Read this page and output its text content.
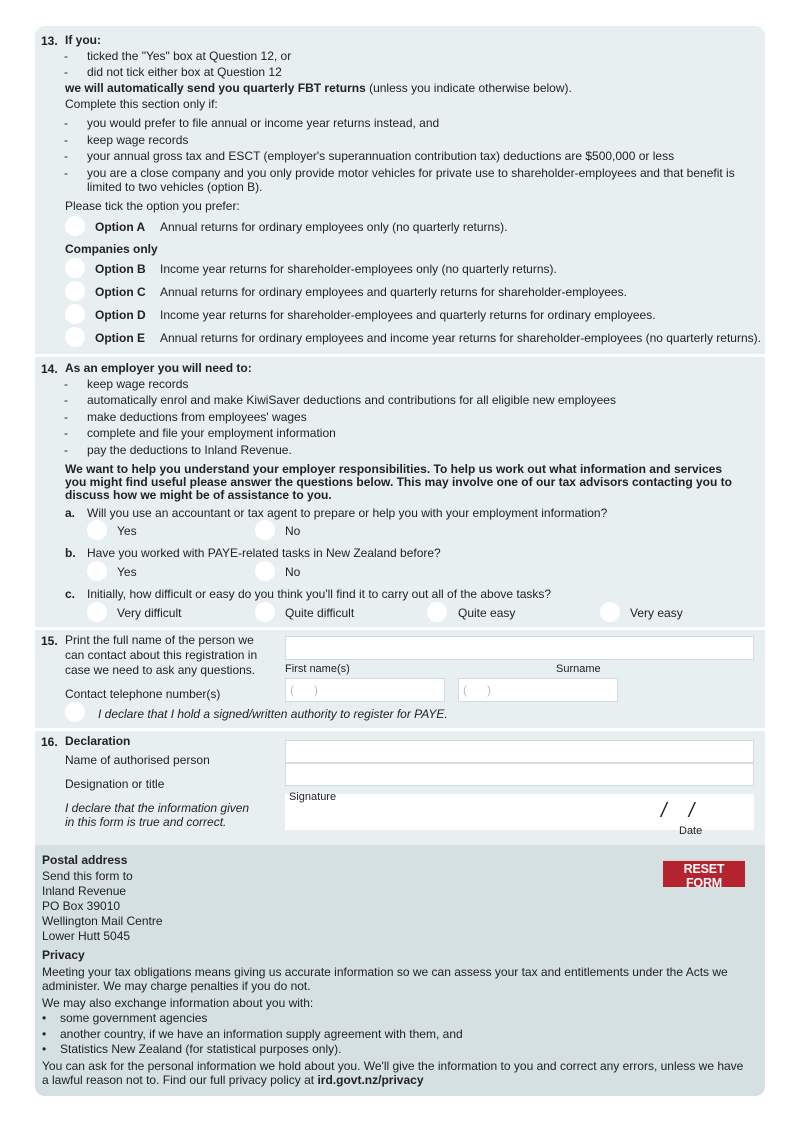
13. If you:
- ticked the "Yes" box at Question 12, or
- did not tick either box at Question 12
we will automatically send you quarterly FBT returns (unless you indicate otherwise below).
Complete this section only if:
- you would prefer to file annual or income year returns instead, and
- keep wage records
- your annual gross tax and ESCT (employer's superannuation contribution tax) deductions are $500,000 or less
- you are a close company and you only provide motor vehicles for private use to shareholder-employees and that benefit is
limited to two vehicles (option B).
Please tick the option you prefer:
Option A Annual returns for ordinary employees only (no quarterly returns).
Companies only
Option B Income year returns for shareholder-employees only (no quarterly returns).
Option C Annual returns for ordinary employees and quarterly returns for shareholder-employees.
Option D Income year returns for shareholder-employees and quarterly returns for ordinary employees.
Option E Annual returns for ordinary employees and income year returns for shareholder-employees (no quarterly returns).
14. As an employer you will need to:
- keep wage records
- automatically enrol and make KiwiSaver deductions and contributions for all eligible new employees
- make deductions from employees' wages
- complete and file your employment information
- pay the deductions to Inland Revenue.
We want to help you understand your employer responsibilities. To help us work out what information and services
you might find useful please answer the questions below. This may involve one of our tax advisors contacting you to
discuss how we might be of assistance to you.
a. Will you use an accountant or tax agent to prepare or help you with your employment information?
Yes	No
b. Have you worked with PAYE-related tasks in New Zealand before?
Yes	No
c. Initially, how difficult or easy do you think you'll find it to carry out all of the above tasks?
Very difficult	Quite difficult	Quite easy	Very easy
15. Print the full name of the person we
can contact about this registration in
case we need to ask any questions.	First name(s)	Surname
Contact telephone number(s)	(      )	(      )
I declare that I hold a signed/written authority to register for PAYE.
16. Declaration
Name of authorised person
Designation or title
I declare that the information given
in this form is true and correct.
Signature
/    /
Date
Postal address
Send this form to
Inland Revenue
PO Box 39010
Wellington Mail Centre
Lower Hutt 5045
RESET FORM
Privacy
Meeting your tax obligations means giving us accurate information so we can assess your tax and entitlements under the Acts we
administer. We may charge penalties if you do not.
We may also exchange information about you with:
• some government agencies
• another country, if we have an information supply agreement with them, and
• Statistics New Zealand (for statistical purposes only).
You can ask for the personal information we hold about you. We'll give the information to you and correct any errors, unless we have
a lawful reason not to. Find our full privacy policy at ird.govt.nz/privacy
